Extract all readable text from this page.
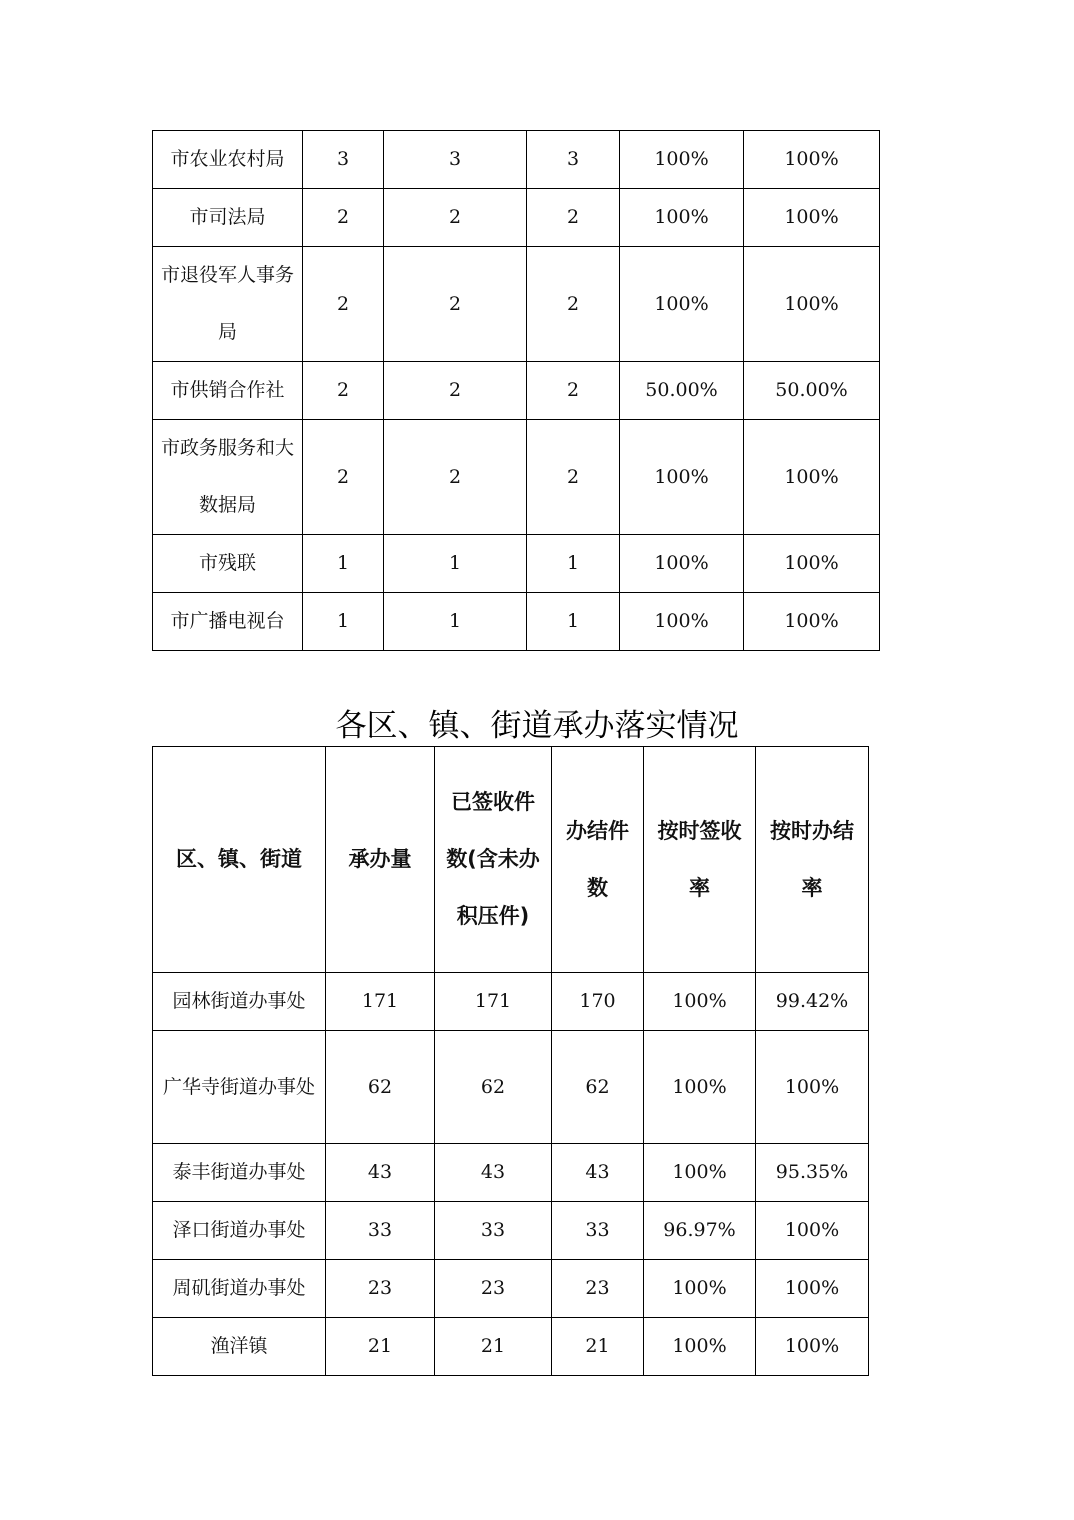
市农业农村局	3	3	3	100%	100%
市司法局	2	2	2	100%	100%
市退役军人事务局	2	2	2	100%	100%
市供销合作社	2	2	2	50.00%	50.00%
市政务服务和大数据局	2	2	2	100%	100%
市残联	1	1	1	100%	100%
市广播电视台	1	1	1	100%	100%
各区、镇、街道承办落实情况
区、镇、街道	承办量	已签收件数(含未办积压件)	办结件数	按时签收率	按时办结率
园林街道办事处	171	171	170	100%	99.42%
广华寺街道办事处	62	62	62	100%	100%
泰丰街道办事处	43	43	43	100%	95.35%
泽口街道办事处	33	33	33	96.97%	100%
周矶街道办事处	23	23	23	100%	100%
渔洋镇	21	21	21	100%	100%
